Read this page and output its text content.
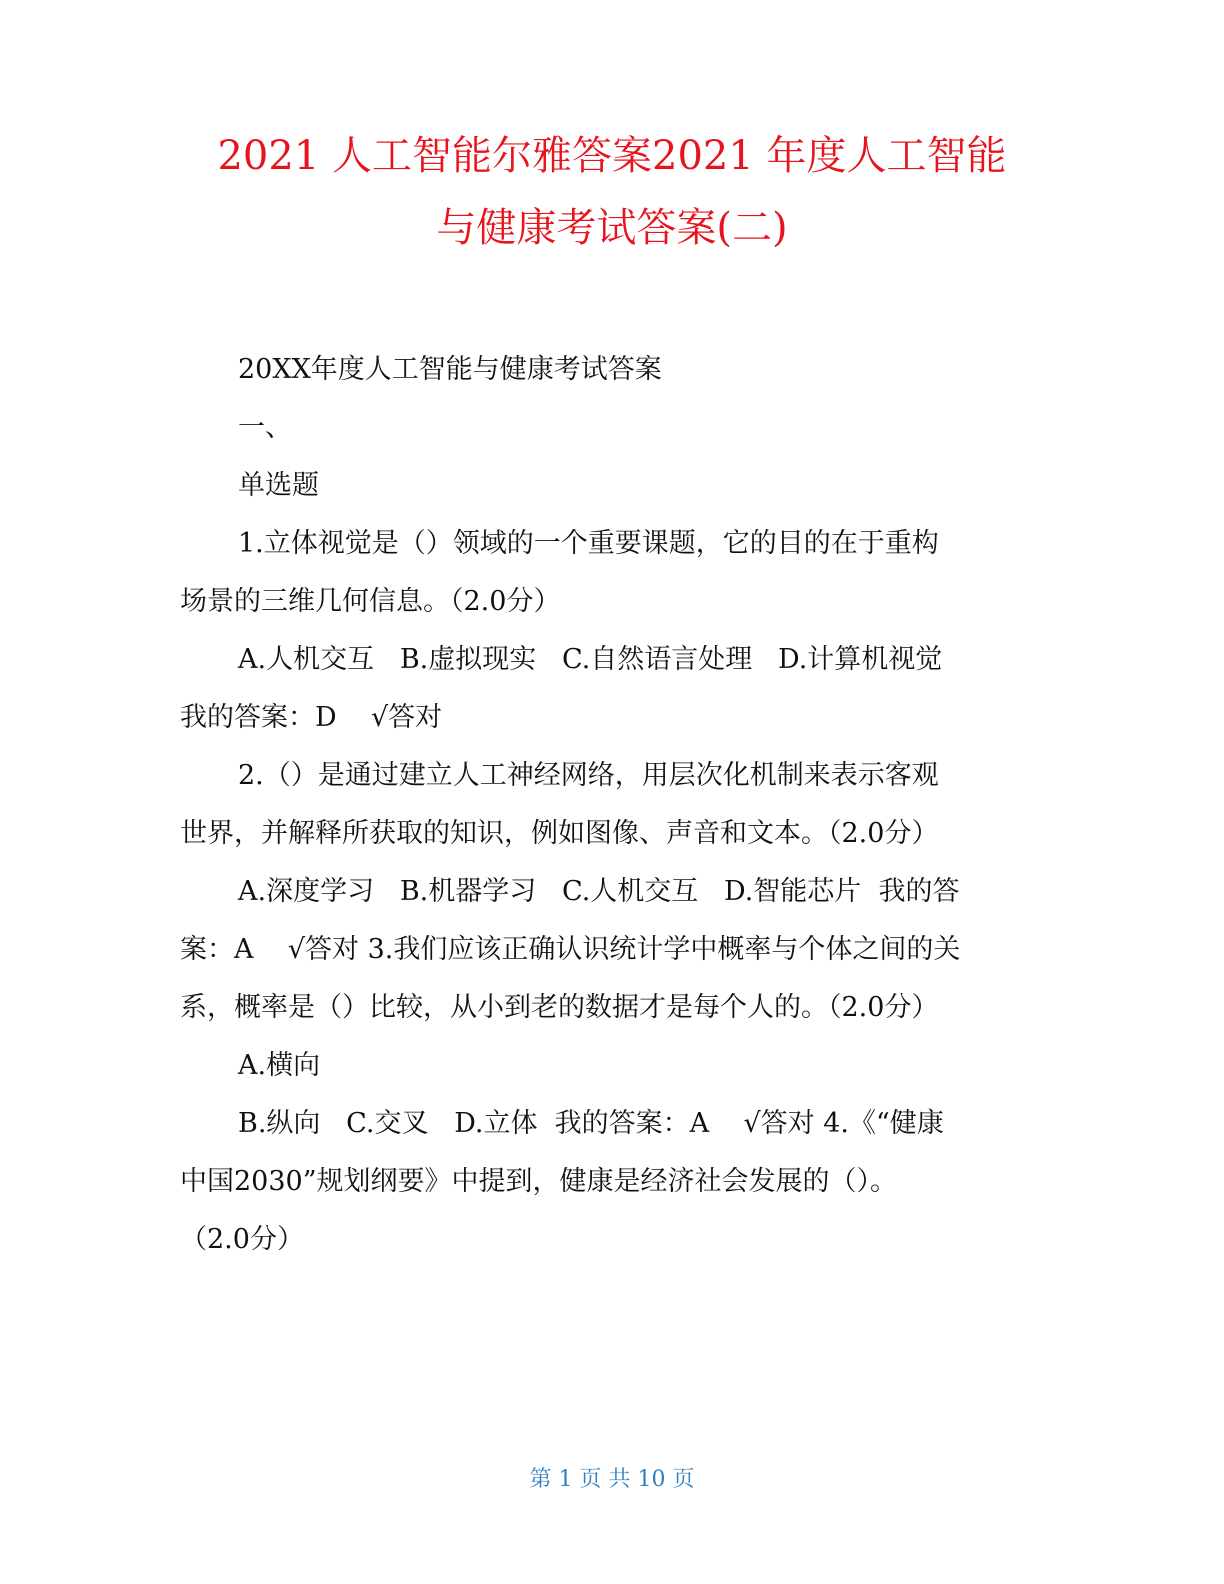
2021 人工智能尔雅答案2021 年度人工智能
与健康考试答案(二)
20XX年度人工智能与健康考试答案
一、
单选题
1.立体视觉是（）领域的一个重要课题，它的目的在于重构
场景的三维几何信息。（2.0分）
A.人机交互   B.虚拟现实   C.自然语言处理   D.计算机视觉
我的答案：D    √答对
2.（）是通过建立人工神经网络，用层次化机制来表示客观
世界，并解释所获取的知识，例如图像、声音和文本。（2.0分）
A.深度学习   B.机器学习   C.人机交互   D.智能芯片  我的答
案：A    √答对 3.我们应该正确认识统计学中概率与个体之间的关
系，概率是（）比较，从小到老的数据才是每个人的。（2.0分）
A.横向
B.纵向   C.交叉   D.立体  我的答案：A    √答对 4.《“健康
中国2030”规划纲要》中提到，健康是经济社会发展的（）。
（2.0分）
第 1 页 共 10 页
